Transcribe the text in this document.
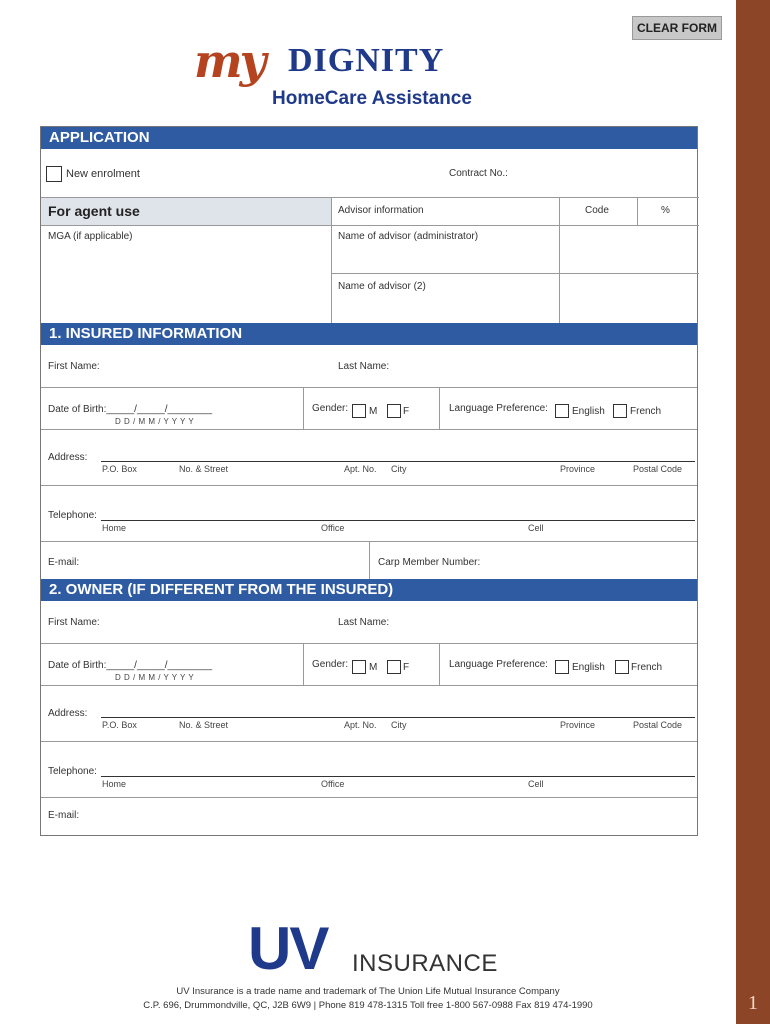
1
CLEAR FORM
my DIGNITY
HomeCare Assistance
APPLICATION
New enrolment	Contract No.:
For agent use	Advisor information	Code	%
MGA (if applicable)	Name of advisor (administrator)
Name of advisor (2)
1. INSURED INFORMATION
First Name:	Last Name:
Date of Birth:_____/_____/________
D D / M M / Y Y Y Y
Gender: M	F	Language Preference: English	French
Address:
P.O. Box	No. & Street	Apt. No. City	Province	Postal Code
Telephone:
Home	Office	Cell
E-mail:	Carp Member Number:
2. OWNER (IF DIFFERENT FROM THE INSURED)
First Name:	Last Name:
Date of Birth:_____/_____/________
D D / M M / Y Y Y Y
Gender: M	F	Language Preference: English	French
Address:
P.O. Box	No. & Street	Apt. No. City	Province	Postal Code
Telephone:
Home	Office	Cell
E-mail:
UV INSURANCE
UV Insurance is a trade name and trademark of The Union Life Mutual Insurance Company
C.P. 696, Drummondville, QC, J2B 6W9 | Phone 819 478-1315 Toll free 1-800 567-0988 Fax 819 474-1990
